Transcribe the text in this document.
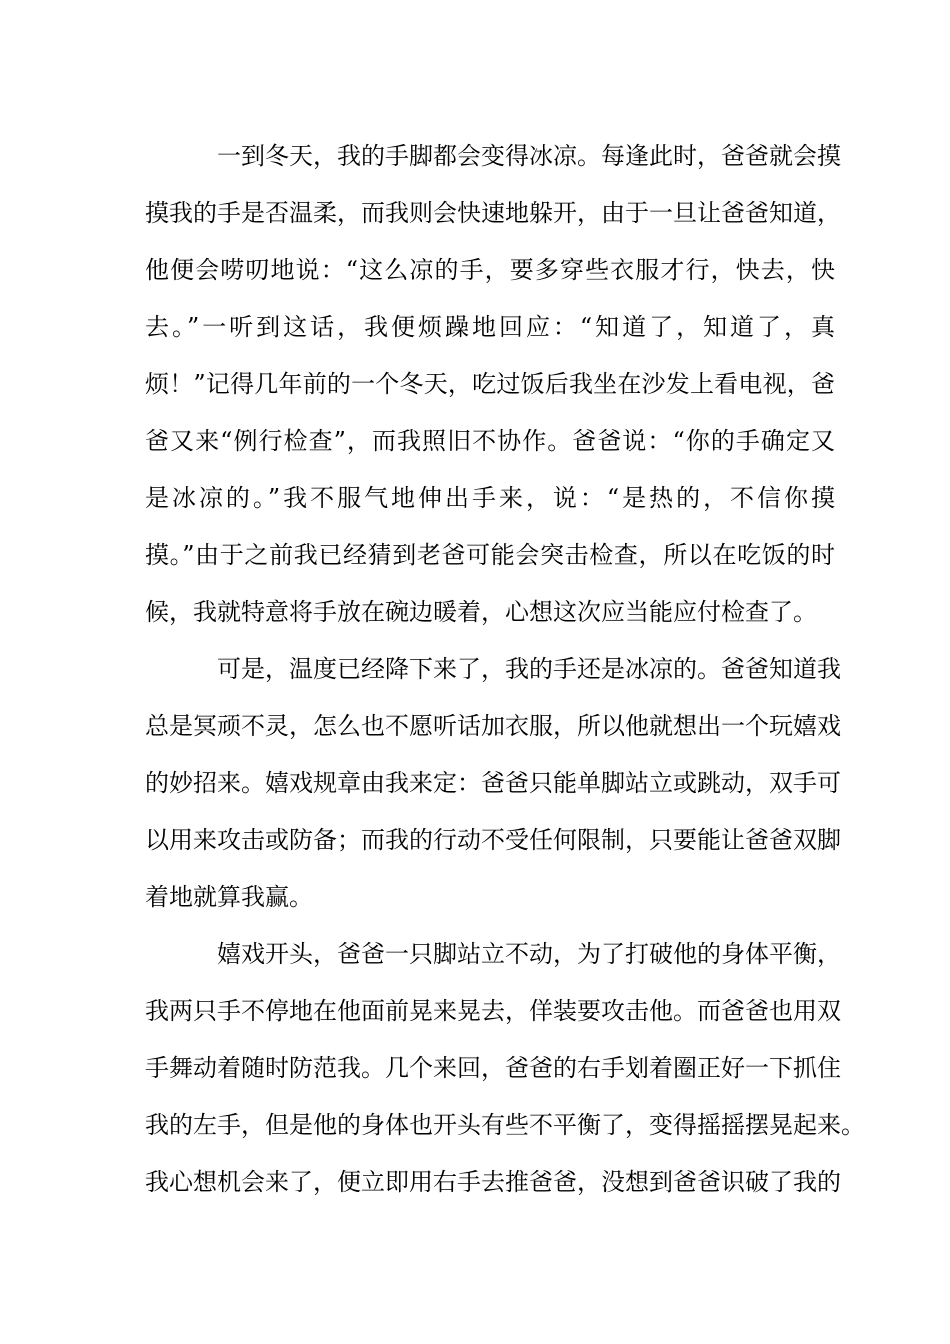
一到冬天，我的手脚都会变得冰凉。每逢此时，爸爸就会摸
摸我的手是否温柔，而我则会快速地躲开，由于一旦让爸爸知道，
他便会唠叨地说：“这么凉的手，要多穿些衣服才行，快去，快
去。”一听到这话，我便烦躁地回应：“知道了，知道了，真
烦！”记得几年前的一个冬天，吃过饭后我坐在沙发上看电视，爸
爸又来“例行检查”，而我照旧不协作。爸爸说：“你的手确定又
是冰凉的。”我不服气地伸出手来，说：“是热的，不信你摸
摸。”由于之前我已经猜到老爸可能会突击检查，所以在吃饭的时
候，我就特意将手放在碗边暖着，心想这次应当能应付检查了。
可是，温度已经降下来了，我的手还是冰凉的。爸爸知道我
总是冥顽不灵，怎么也不愿听话加衣服，所以他就想出一个玩嬉戏
的妙招来。嬉戏规章由我来定：爸爸只能单脚站立或跳动，双手可
以用来攻击或防备；而我的行动不受任何限制，只要能让爸爸双脚
着地就算我赢。
嬉戏开头，爸爸一只脚站立不动，为了打破他的身体平衡，
我两只手不停地在他面前晃来晃去，佯装要攻击他。而爸爸也用双
手舞动着随时防范我。几个来回，爸爸的右手划着圈正好一下抓住
我的左手，但是他的身体也开头有些不平衡了，变得摇摇摆晃起来。
我心想机会来了，便立即用右手去推爸爸，没想到爸爸识破了我的
